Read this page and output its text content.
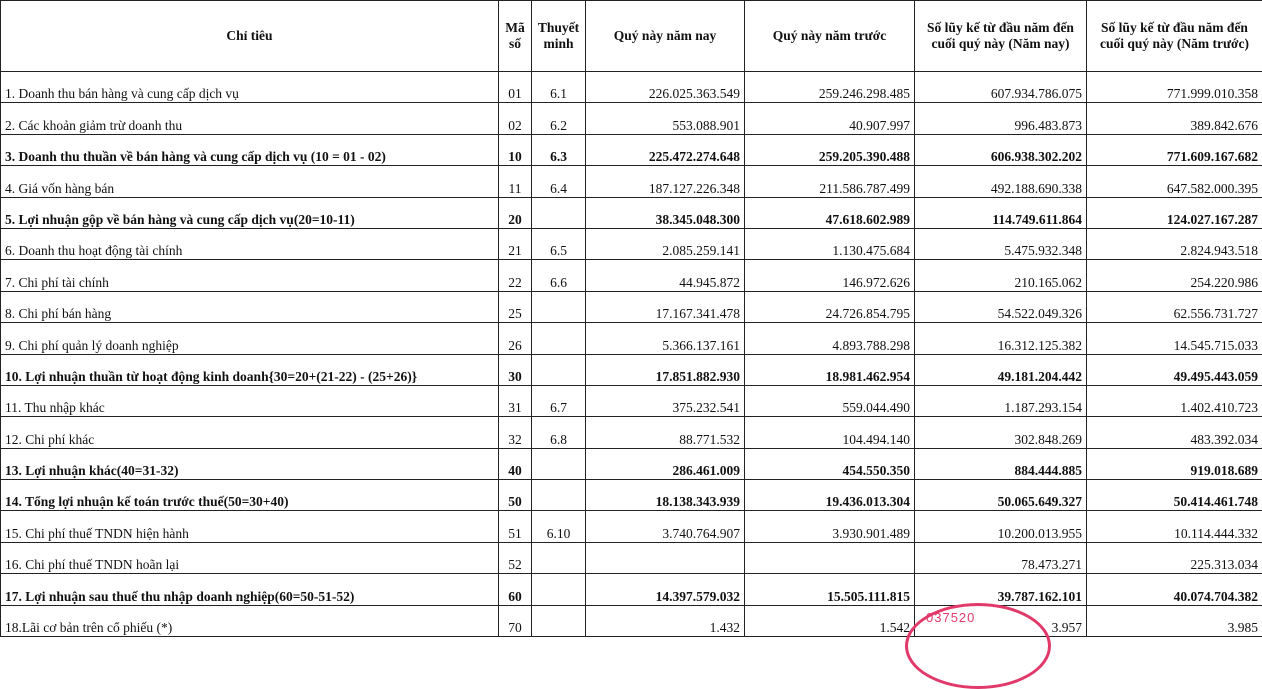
Chỉ tiêu	Mã số	Thuyết minh	Quý này năm nay	Quý này năm trước	Số lũy kế từ đầu năm đến cuối quý này (Năm nay)	Số lũy kế từ đầu năm đến cuối quý này (Năm trước)
1. Doanh thu bán hàng và cung cấp dịch vụ	01	6.1	226.025.363.549	259.246.298.485	607.934.786.075	771.999.010.358
2. Các khoản giảm trừ doanh thu	02	6.2	553.088.901	40.907.997	996.483.873	389.842.676
3. Doanh thu thuần về bán hàng và cung cấp dịch vụ (10 = 01 - 02)	10	6.3	225.472.274.648	259.205.390.488	606.938.302.202	771.609.167.682
4. Giá vốn hàng bán	11	6.4	187.127.226.348	211.586.787.499	492.188.690.338	647.582.000.395
5. Lợi nhuận gộp về bán hàng và cung cấp dịch vụ(20=10-11)	20		38.345.048.300	47.618.602.989	114.749.611.864	124.027.167.287
6. Doanh thu hoạt động tài chính	21	6.5	2.085.259.141	1.130.475.684	5.475.932.348	2.824.943.518
7. Chi phí tài chính	22	6.6	44.945.872	146.972.626	210.165.062	254.220.986
8. Chi phí bán hàng	25		17.167.341.478	24.726.854.795	54.522.049.326	62.556.731.727
9. Chi phí quản lý doanh nghiệp	26		5.366.137.161	4.893.788.298	16.312.125.382	14.545.715.033
10. Lợi nhuận thuần từ hoạt động kinh doanh{30=20+(21-22) - (25+26)}	30		17.851.882.930	18.981.462.954	49.181.204.442	49.495.443.059
11. Thu nhập khác	31	6.7	375.232.541	559.044.490	1.187.293.154	1.402.410.723
12. Chi phí khác	32	6.8	88.771.532	104.494.140	302.848.269	483.392.034
13. Lợi nhuận khác(40=31-32)	40		286.461.009	454.550.350	884.444.885	919.018.689
14. Tổng lợi nhuận kế toán trước thuế(50=30+40)	50		18.138.343.939	19.436.013.304	50.065.649.327	50.414.461.748
15. Chi phí thuế TNDN hiện hành	51	6.10	3.740.764.907	3.930.901.489	10.200.013.955	10.114.444.332
16. Chi phí thuế TNDN hoãn lại	52				78.473.271	225.313.034
17. Lợi nhuận sau thuế thu nhập doanh nghiệp(60=50-51-52)	60		14.397.579.032	15.505.111.815	39.787.162.101	40.074.704.382
18.Lãi cơ bản trên cổ phiếu (*)	70		1.432	1.542	3.957	3.985
037520
